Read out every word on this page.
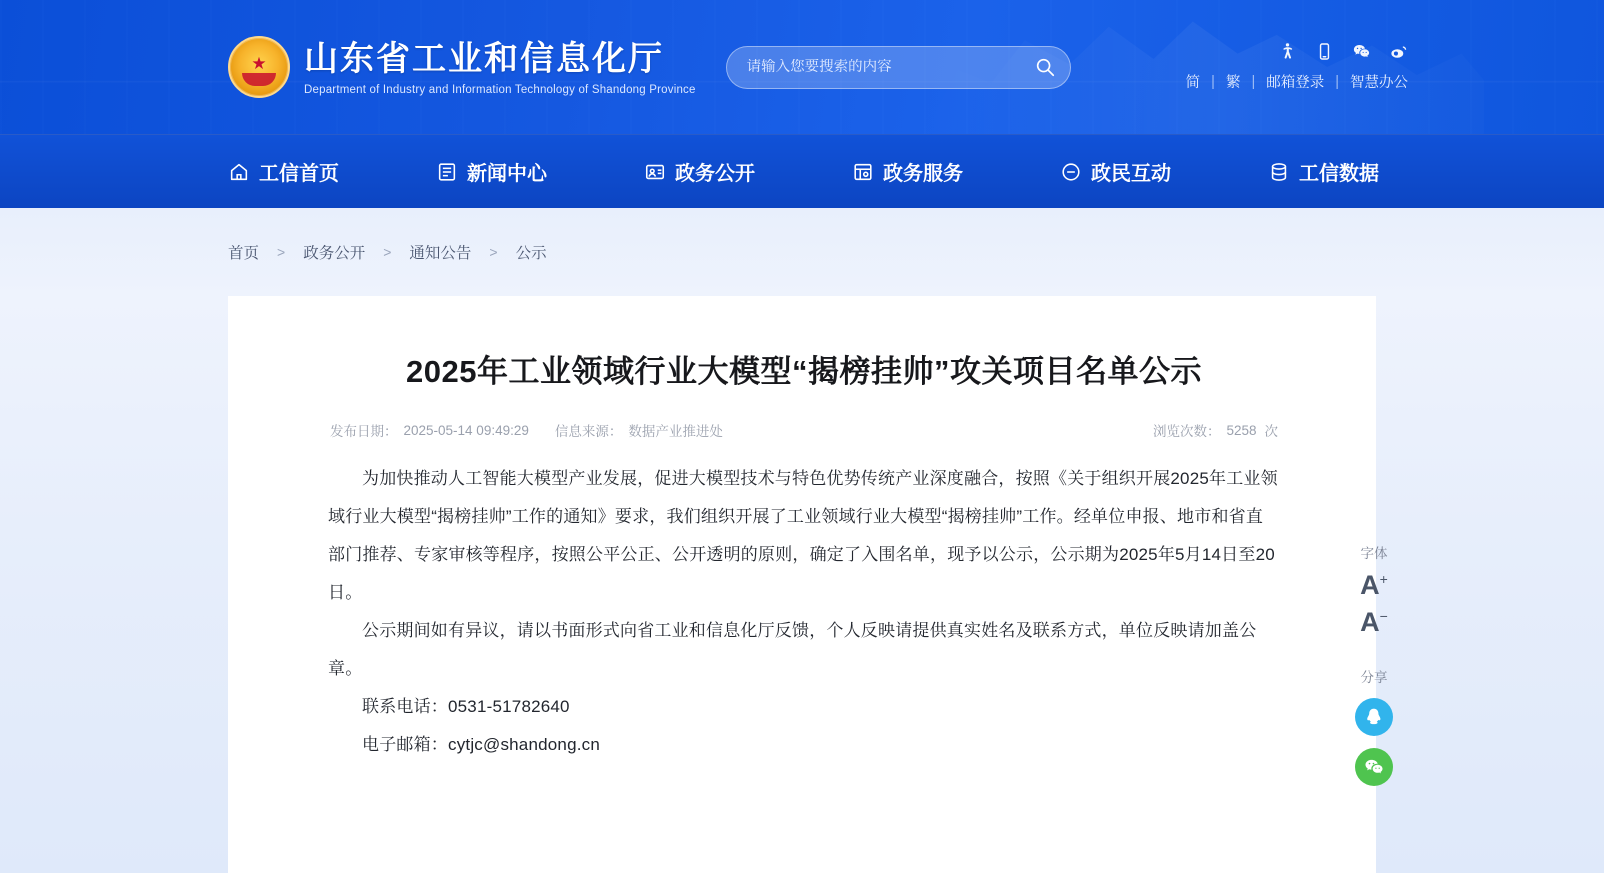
★ 山东省工业和信息化厅
Department of Industry and Information Technology of Shandong Province
请输入您要搜索的内容	简 | 繁 | 邮箱登录 | 智慧办公
工信首页	新闻中心	政务公开	政务服务	政民互动	工信数据
首页 > 政务公开 > 通知公告 > 公示
2025年工业领域行业大模型“揭榜挂帅”攻关项目名单公示
发布日期： 2025-05-14 09:49:29 信息来源： 数据产业推进处	浏览次数： 5258 次

为加快推动人工智能大模型产业发展，促进大模型技术与特色优势传统产业深度融合，按照《关于组织开展2025年工业领域行业大模型“揭榜挂帅”工作的通知》要求，我们组织开展了工业领域行业大模型“揭榜挂帅”工作。经单位申报、地市和省直部门推荐、专家审核等程序，按照公平公正、公开透明的原则，确定了入围名单，现予以公示，公示期为2025年5月14日至20日。

公示期间如有异议，请以书面形式向省工业和信息化厅反馈，个人反映请提供真实姓名及联系方式，单位反映请加盖公章。

联系电话：0531-51782640

电子邮箱：cytjc@shandong.cn

字体
A+
A−
分享
